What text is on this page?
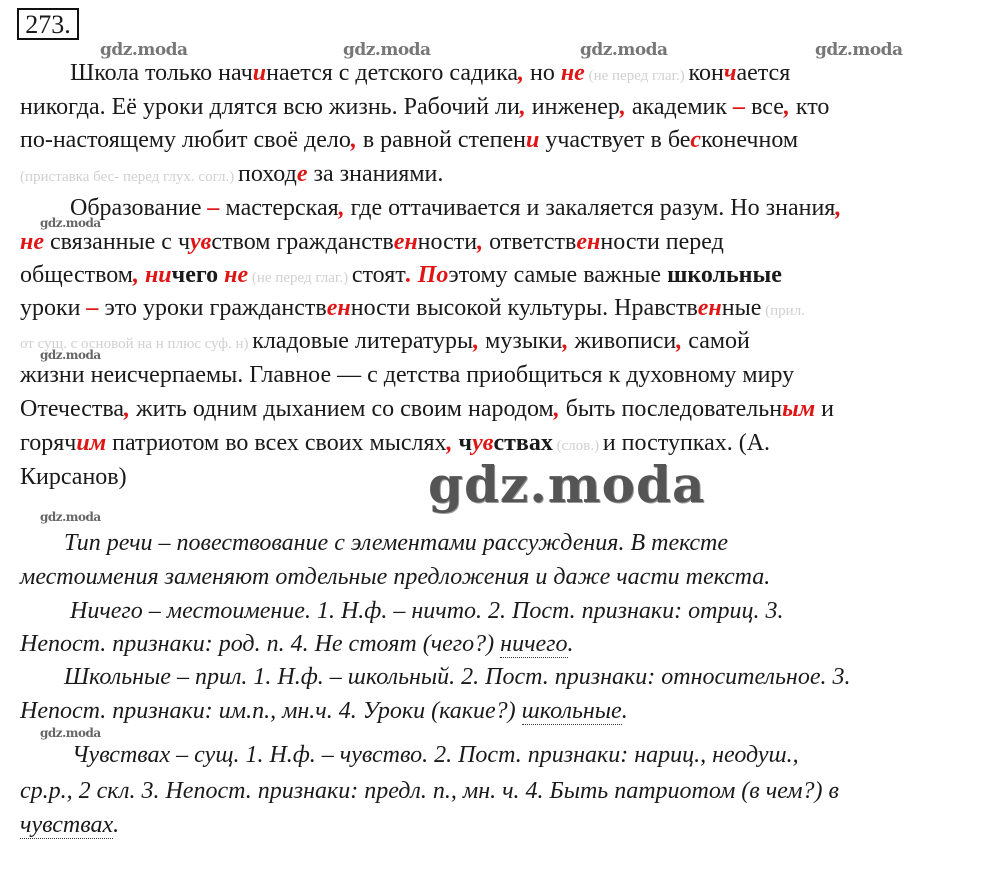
273.
gdz.moda	gdz.moda	gdz.moda	gdz.moda
gdz.moda
gdz.moda
gdz.moda
gdz.moda
gdz.moda
Школа только начинается с детского садика, но не (не перед глаг.) кончается
никогда. Её уроки длятся всю жизнь. Рабочий ли, инженер, академик – все, кто
по-настоящему любит своё дело, в равной степени участвует в бесконечном
(приставка бес- перед глух. согл.) походе за знаниями.
Образование – мастерская, где оттачивается и закаляется разум. Но знания,
не связанные с чувством гражданственности, ответственности перед
обществом, ничего не (не перед глаг.) стоят. Поэтому самые важные школьные
уроки – это уроки гражданственности высокой культуры. Нравственные (прил.
от сущ. с основой на н плюс суф. н) кладовые литературы, музыки, живописи, самой
жизни неисчерпаемы. Главное — с детства приобщиться к духовному миру
Отечества, жить одним дыханием со своим народом, быть последовательным и
горячим патриотом во всех своих мыслях, чувствах (слов.) и поступках. (А.
Кирсанов)
Тип речи – повествование с элементами рассуждения. В тексте
местоимения заменяют отдельные предложения и даже части текста.
Ничего – местоимение. 1. Н.ф. – ничто. 2. Пост. признаки: отриц. 3.
Непост. признаки: род. п. 4. Не стоят (чего?) ничего.
Школьные – прил. 1. Н.ф. – школьный. 2. Пост. признаки: относительное. 3.
Непост. признаки: им.п., мн.ч. 4. Уроки (какие?) школьные.
Чувствах – сущ. 1. Н.ф. – чувство. 2. Пост. признаки: нариц., неодуш.,
ср.р., 2 скл. 3. Непост. признаки: предл. п., мн. ч. 4. Быть патриотом (в чем?) в
чувствах.
